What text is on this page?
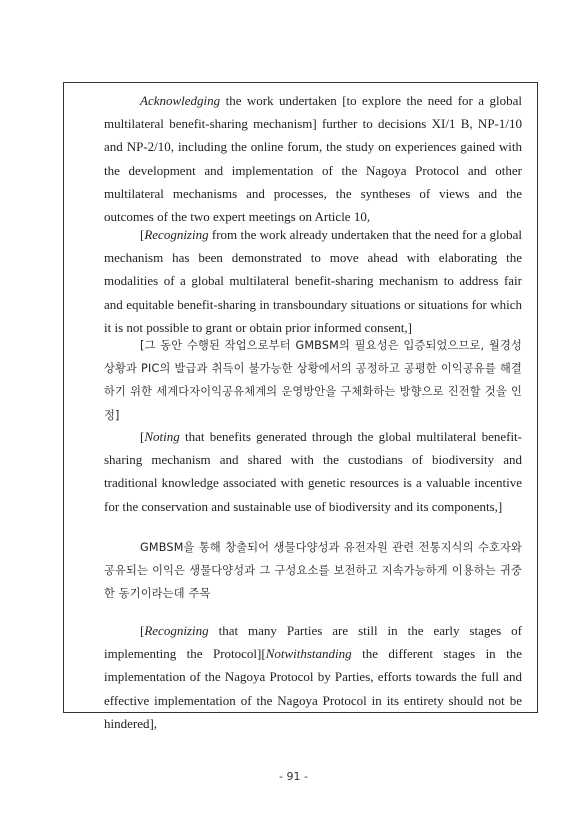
Acknowledging the work undertaken [to explore the need for a global multilateral benefit-sharing mechanism] further to decisions XI/1 B, NP-1/10 and NP-2/10, including the online forum, the study on experiences gained with the development and implementation of the Nagoya Protocol and other multilateral mechanisms and processes, the syntheses of views and the outcomes of the two expert meetings on Article 10,

[Recognizing from the work already undertaken that the need for a global mechanism has been demonstrated to move ahead with elaborating the modalities of a global multilateral benefit-sharing mechanism to address fair and equitable benefit-sharing in transboundary situations or situations for which it is not possible to grant or obtain prior informed consent,]

[그 동안 수행된 작업으로부터 GMBSM의 필요성은 입증되었으므로, 월경성 상황과 PIC의 발급과 취득이 불가능한 상황에서의 공정하고 공평한 이익공유를 해결하기 위한 세계다자이익공유체계의 운영방안을 구체화하는 방향으로 진전할 것을 인정]

[Noting that benefits generated through the global multilateral benefit-sharing mechanism and shared with the custodians of biodiversity and traditional knowledge associated with genetic resources is a valuable incentive for the conservation and sustainable use of biodiversity and its components,]

GMBSM을 통해 창출되어 생물다양성과 유전자원 관련 전통지식의 수호자와 공유되는 이익은 생물다양성과 그 구성요소를 보전하고 지속가능하게 이용하는 귀중한 동기이라는데 주목

[Recognizing that many Parties are still in the early stages of implementing the Protocol][Notwithstanding the different stages in the implementation of the Nagoya Protocol by Parties, efforts towards the full and effective implementation of the Nagoya Protocol in its entirety should not be hindered],

- 91 -
